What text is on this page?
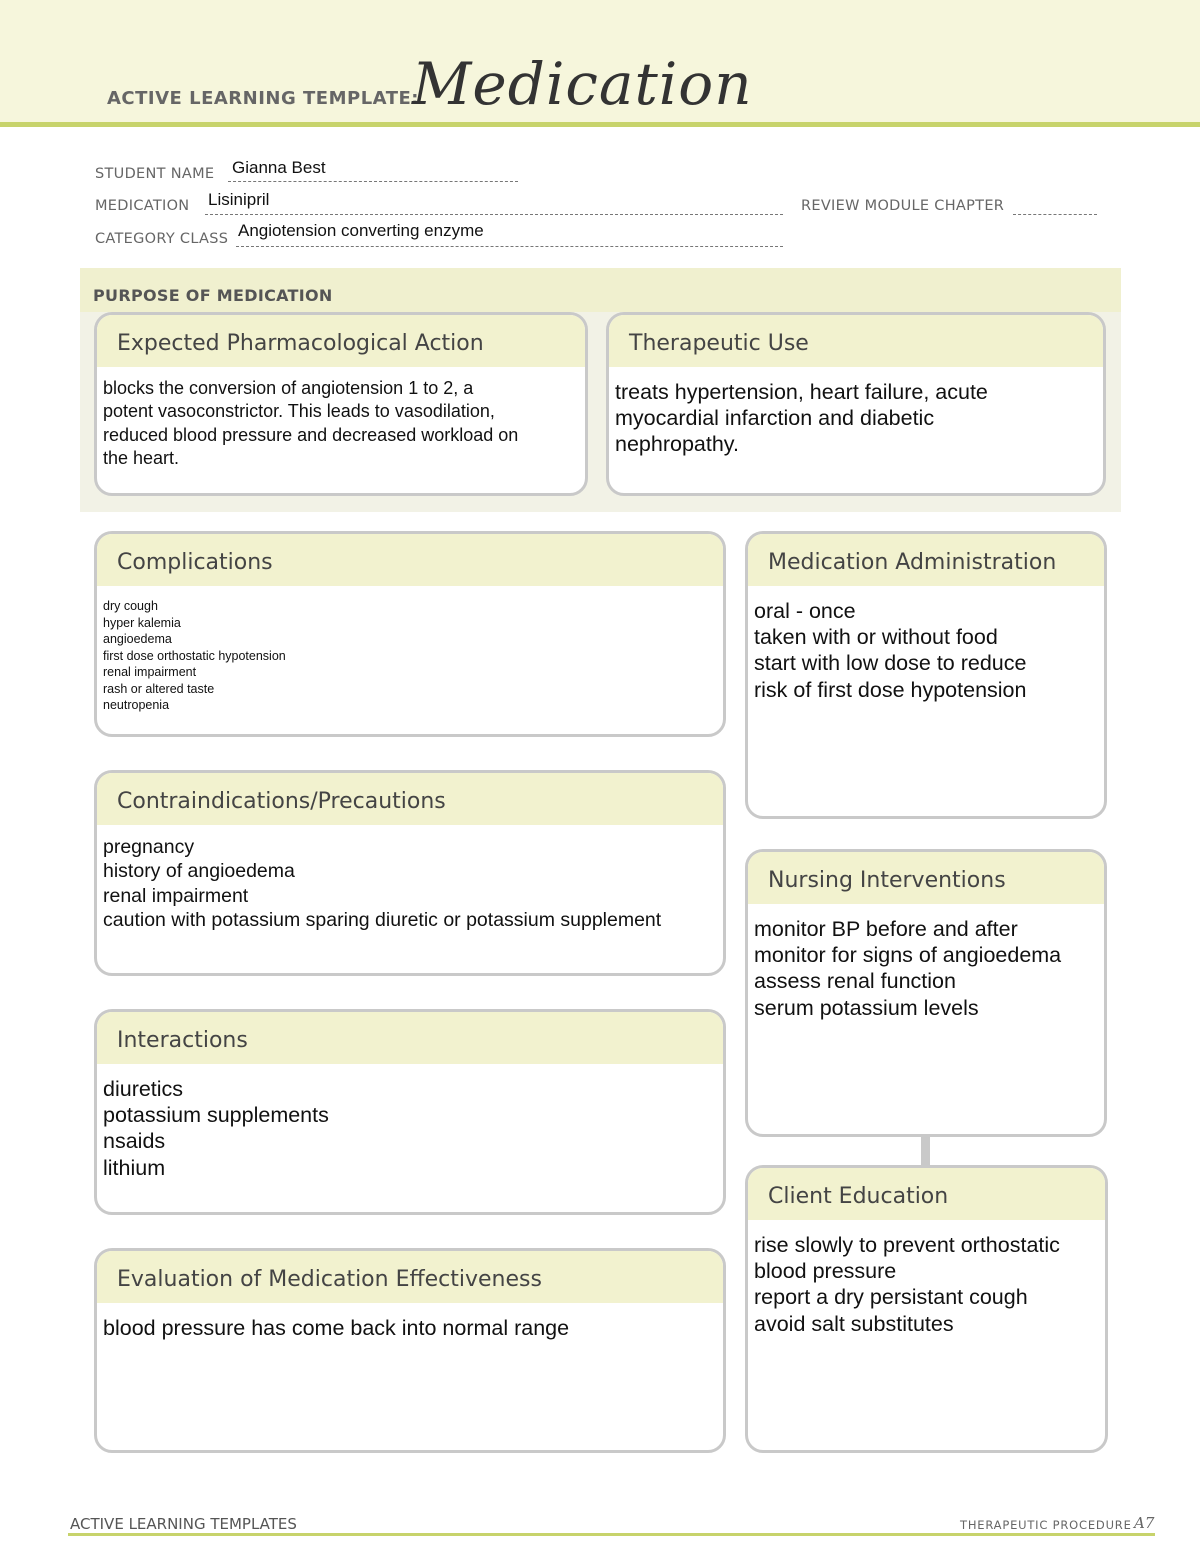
ACTIVE LEARNING TEMPLATE:
Medication
STUDENT NAME Gianna Best
MEDICATION Lisinipril	REVIEW MODULE CHAPTER
CATEGORY CLASS Angiotension converting enzyme
PURPOSE OF MEDICATION
Expected Pharmacological Action
blocks the conversion of angiotension 1 to 2, a
potent vasoconstrictor. This leads to vasodilation,
reduced blood pressure and decreased workload on
the heart.
Therapeutic Use
treats hypertension, heart failure, acute
myocardial infarction and diabetic
nephropathy.
Complications
dry cough
hyper kalemia
angioedema
first dose orthostatic hypotension
renal impairment
rash or altered taste
neutropenia
Contraindications/Precautions
pregnancy
history of angioedema
renal impairment
caution with potassium sparing diuretic or potassium supplement
Interactions
diuretics
potassium supplements
nsaids
lithium
Evaluation of Medication Effectiveness
blood pressure has come back into normal range
Medication Administration
oral - once
taken with or without food
start with low dose to reduce
risk of first dose hypotension
Nursing Interventions
monitor BP before and after
monitor for signs of angioedema
assess renal function
serum potassium levels
Client Education
rise slowly to prevent orthostatic
blood pressure
report a dry persistant cough
avoid salt substitutes
ACTIVE LEARNING TEMPLATES	THERAPEUTIC PROCEDURE A7
